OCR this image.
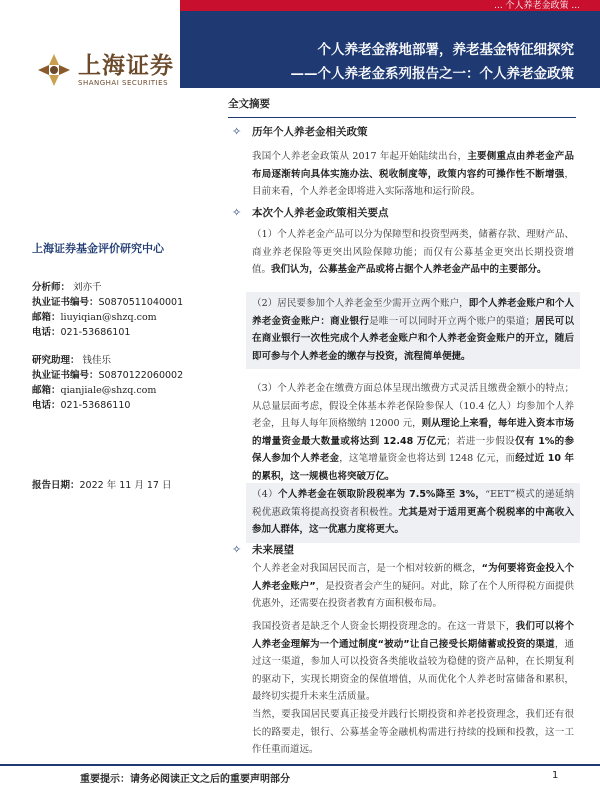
... 个人养老金政策 ...
个人养老金落地部署，养老基金特征细探究
——个人养老金系列报告之一：个人养老金政策
上海证券
SHANGHAI SECURITIES
上海证券基金评价研究中心
分析师： 刘亦千
执业证书编号：S0870511040001
邮箱：liuyiqian@shzq.com
电话：021-53686101
研究助理： 钱佳乐
执业证书编号：S0870122060002
邮箱：qianjiale@shzq.com
电话：021-53686110
报告日期：2022 年 11 月 17 日
全文摘要
✧	历年个人养老金相关政策
我国个人养老金政策从 2017 年起开始陆续出台，主要侧重点由养老金产品布局逐渐转向具体实施办法、税收制度等，政策内容约可操作性不断增强，目前来看，个人养老金即将进入实际落地和运行阶段。
✧	本次个人养老金政策相关要点
（1）个人养老金产品可以分为保障型和投资型两类，储蓄存款、理财产品、商业养老保险等更突出风险保障功能；而仅有公募基金更突出长期投资增值。我们认为，公募基金产品或将占据个人养老金产品中的主要部分。
（2）居民要参加个人养老金至少需开立两个账户，即个人养老金账户和个人养老金资金账户：商业银行是唯一可以同时开立两个账户的渠道；居民可以在商业银行一次性完成个人养老金账户和个人养老金资金账户的开立，随后即可参与个人养老金的缴存与投资，流程简单便捷。
（3）个人养老金在缴费方面总体呈现出缴费方式灵活且缴费金额小的特点；从总量层面考虑，假设全体基本养老保险参保人（10.4 亿人）均参加个人养老金，且每人每年顶格缴纳 12000 元，则从理论上来看，每年进入资本市场的增量资金最大数量或将达到 12.48 万亿元；若进一步假设仅有 1%的参保人参加个人养老金，这笔增量资金也将达到 1248 亿元，而经过近 10 年的累积，这一规模也将突破万亿。
（4）个人养老金在领取阶段税率为 7.5%降至 3%，“EET”模式的递延纳税优惠政策将提高投资者积极性。尤其是对于适用更高个税税率的中高收入参加人群体，这一优惠力度将更大。
✧	未来展望
个人养老金对我国居民而言，是一个相对较新的概念，“为何要将资金投入个人养老金账户”，是投资者会产生的疑问。对此，除了在个人所得税方面提供优惠外，还需要在投资者教育方面积极布局。
我国投资者是缺乏个人资金长期投资理念的。在这一背景下，我们可以将个人养老金理解为一个通过制度“被动”让自己接受长期储蓄或投资的渠道，通过这一渠道，参加人可以投资各类能收益较为稳健的资产品种，在长期复利的驱动下，实现长期资金的保值增值，从而优化个人养老时富储备和累积，最终切实提升未来生活质量。
当然，要我国居民要真正接受并践行长期投资和养老投资理念，我们还有很长的路要走，银行、公募基金等金融机构需进行持续的投顾和投教，这一工作任重而道远。
重要提示：请务必阅读正文之后的重要声明部分	1
